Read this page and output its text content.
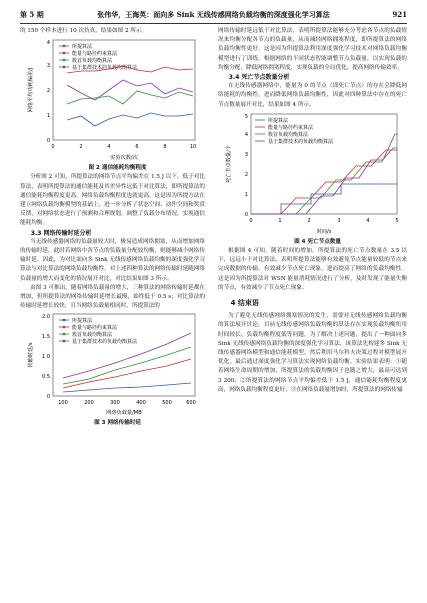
第 5 期	张伟华，王海英：面向多 Sink 无线传感网络负载均衡的深度强化学习算法	921

的 150 个样本进行 10 次仿真，结果如图 2 所示。

所提算法
能量与路径约束算法
簇首负载均衡算法
基于集群技术的负载均衡算法
0	2	4	6	8	10
0
1
2
3
4
实验次数/次
网络平均功耗偏差/J

图 2 通信能耗均衡程度

分析图 2 可知，所提算法的网络节点平均偏差在 1.5 J 以下，低于对比算法，表明所提算法的通信能耗及其差异性远低于对比算法，即所提算法的通信能耗均衡程度更高，网络负载均衡程度也就更高。这是因为所提方法在建立网络负载均衡模型的基础上，进一步分析了状态空间、动作空间和奖赏反馈，对网络状态进行了预测和合理规划，调整了负载分布情况，实现通信能耗均衡。

3.3 网络传输时延分析

当无线传感器网络的负载量较大时，极易造成网络拥塞，从而增加网络的传输时延，此时若网络中各节点的负载量分配较均衡，则能够减小网络传输时延。因此，为对比面向多 Sink 无线传感网络负载均衡的深度强化学习算法与对比算法的网络负载均衡性，对上述四种算法的网络传输时延随网络负载量的增大而变化的情况展开对比，对比结果如图 3 所示。

由图 3 可推出，随着网络负载量的增大，三种算法的网络传输时延都在增加，但所提算法的网络传输时延增长最慢，始终低于 0.5 s；对比算法的传输时延增长较快，且当网络负载量相同时，所提算法的

所提算法
能量与路径约束算法
簇首负载均衡算法
基于集群技术的负载均衡算法
100	200	300	400	500	600
0
0.5
1.0
1.5
2.0
网络负载量/MB
传输时延/s

图 3 网络传输时延

网络传输时延远低于对比算法，表明所提算法能够充分考虑各节点的负载情况来均衡分配各节点的负载量，从而减轻网络拥塞程度，即所提算法的网络负载均衡性更好。这是因为所提算法利用深度强化学习技术对网络负载均衡模型进行了训练，根据网络的不同状态智能调整节点负载量，以实现负载的均衡分配，降低网络拥塞程度，实现负载的全局优化，提高网络传输效率。

3.4 死亡节点数量分析

在无线传感器网络中，能量为 0 的节点（即死亡节点）的存在会降低网络能耗的均衡性，进而降低网络负载均衡性，因此对四种算法中存在的死亡节点数量展开对比，结果如图 4 所示。

所提算法
能量与路径约束算法
簇首负载均衡算法
基于集群技术的负载均衡算法
0	1	2	3	4	5
0
1
2
3
4
5
时间/s
死亡节点数量/个

图 4 死亡节点数量

根据图 4 可知，随着时间的增加，所提算法的死亡节点数量在 3.5 以下，远远小于对比算法，表明所提算法能够有效避免节点能量较低的节点来完成数据的传输，有效减少节点死亡现象，进而提高了网络的负载均衡性。这是因为所提算法对 WSN 能量消耗情况进行了分析，及时发现了能量失衡的节点，有效减少了节点死亡现象。

4 结束语

为了避免无线传感网络拥塞情况的发生，需要对无线传感网络负载均衡的算法展开讨论，目前无线传感网络负载均衡的算法存在实现负载均衡所用时间较长、负载均衡程度低等问题。为了解决上述问题，提出了一种面向多 Sink 无线传感网络负载均衡的深度强化学习算法，该算法先构建多 Sink 无线传感器网络模型和通信能耗模型，然后利用马尔科夫决策过程对模型展开优化，最后通过深度强化学习算法实现网络负载均衡。实验结果表明：①随着网络生命周期的增加，所提算法的负载均衡因子也随之增大，最高可达到 3 200；②所提算法的网络节点平均偏差低于 1.5 J，通信能耗均衡程度更高，网络负载均衡程度更好；③在网络负载量增加时，所提算法的网络传输
